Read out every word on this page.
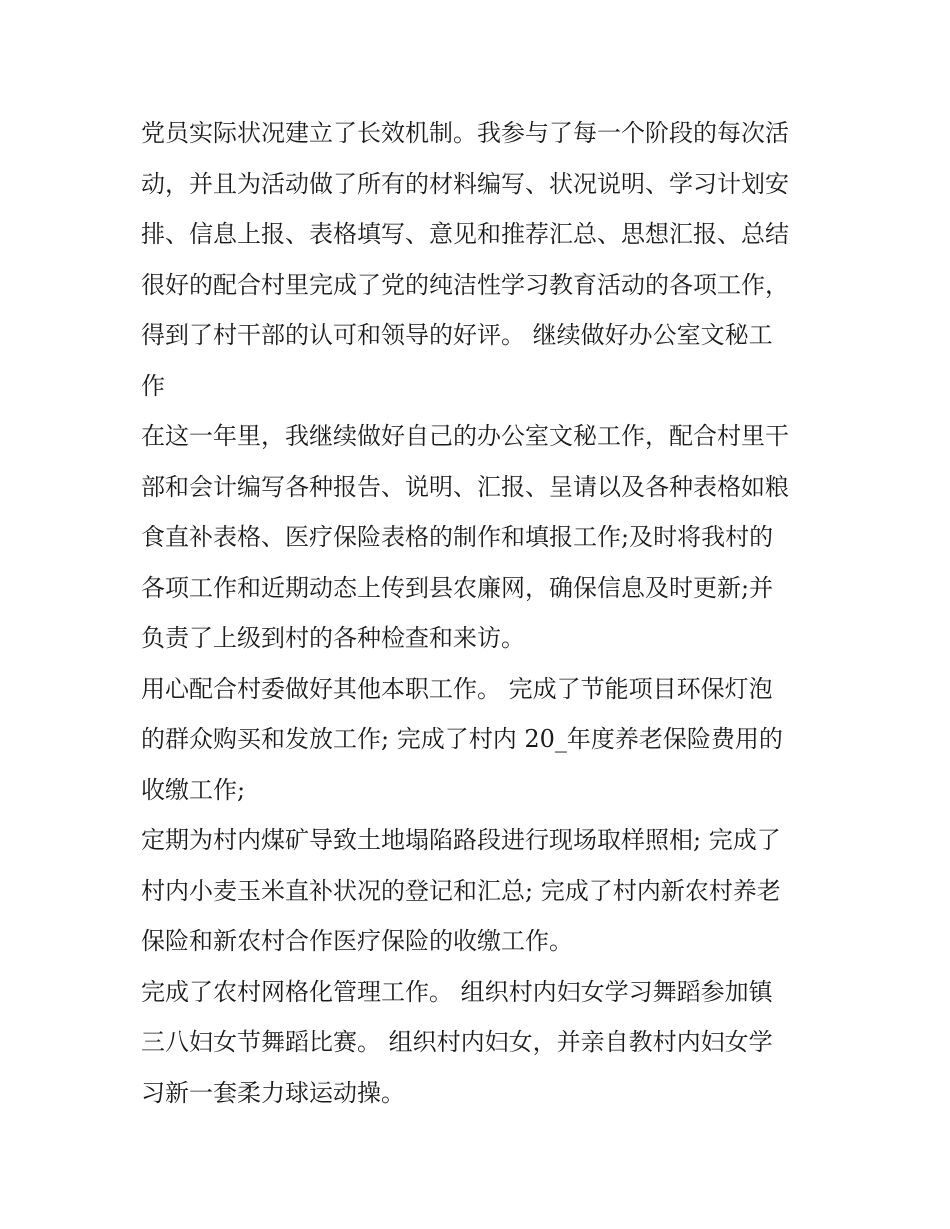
党员实际状况建立了长效机制。我参与了每一个阶段的每次活
动，并且为活动做了所有的材料编写、状况说明、学习计划安
排、信息上报、表格填写、意见和推荐汇总、思想汇报、总结
很好的配合村里完成了党的纯洁性学习教育活动的各项工作，
得到了村干部的认可和领导的好评。 继续做好办公室文秘工
作
在这一年里，我继续做好自己的办公室文秘工作，配合村里干
部和会计编写各种报告、说明、汇报、呈请以及各种表格如粮
食直补表格、医疗保险表格的制作和填报工作;及时将我村的
各项工作和近期动态上传到县农廉网，确保信息及时更新;并
负责了上级到村的各种检查和来访。
用心配合村委做好其他本职工作。 完成了节能项目环保灯泡
的群众购买和发放工作; 完成了村内 20_年度养老保险费用的
收缴工作;
定期为村内煤矿导致土地塌陷路段进行现场取样照相; 完成了
村内小麦玉米直补状况的登记和汇总; 完成了村内新农村养老
保险和新农村合作医疗保险的收缴工作。
完成了农村网格化管理工作。 组织村内妇女学习舞蹈参加镇
三八妇女节舞蹈比赛。 组织村内妇女，并亲自教村内妇女学
习新一套柔力球运动操。
